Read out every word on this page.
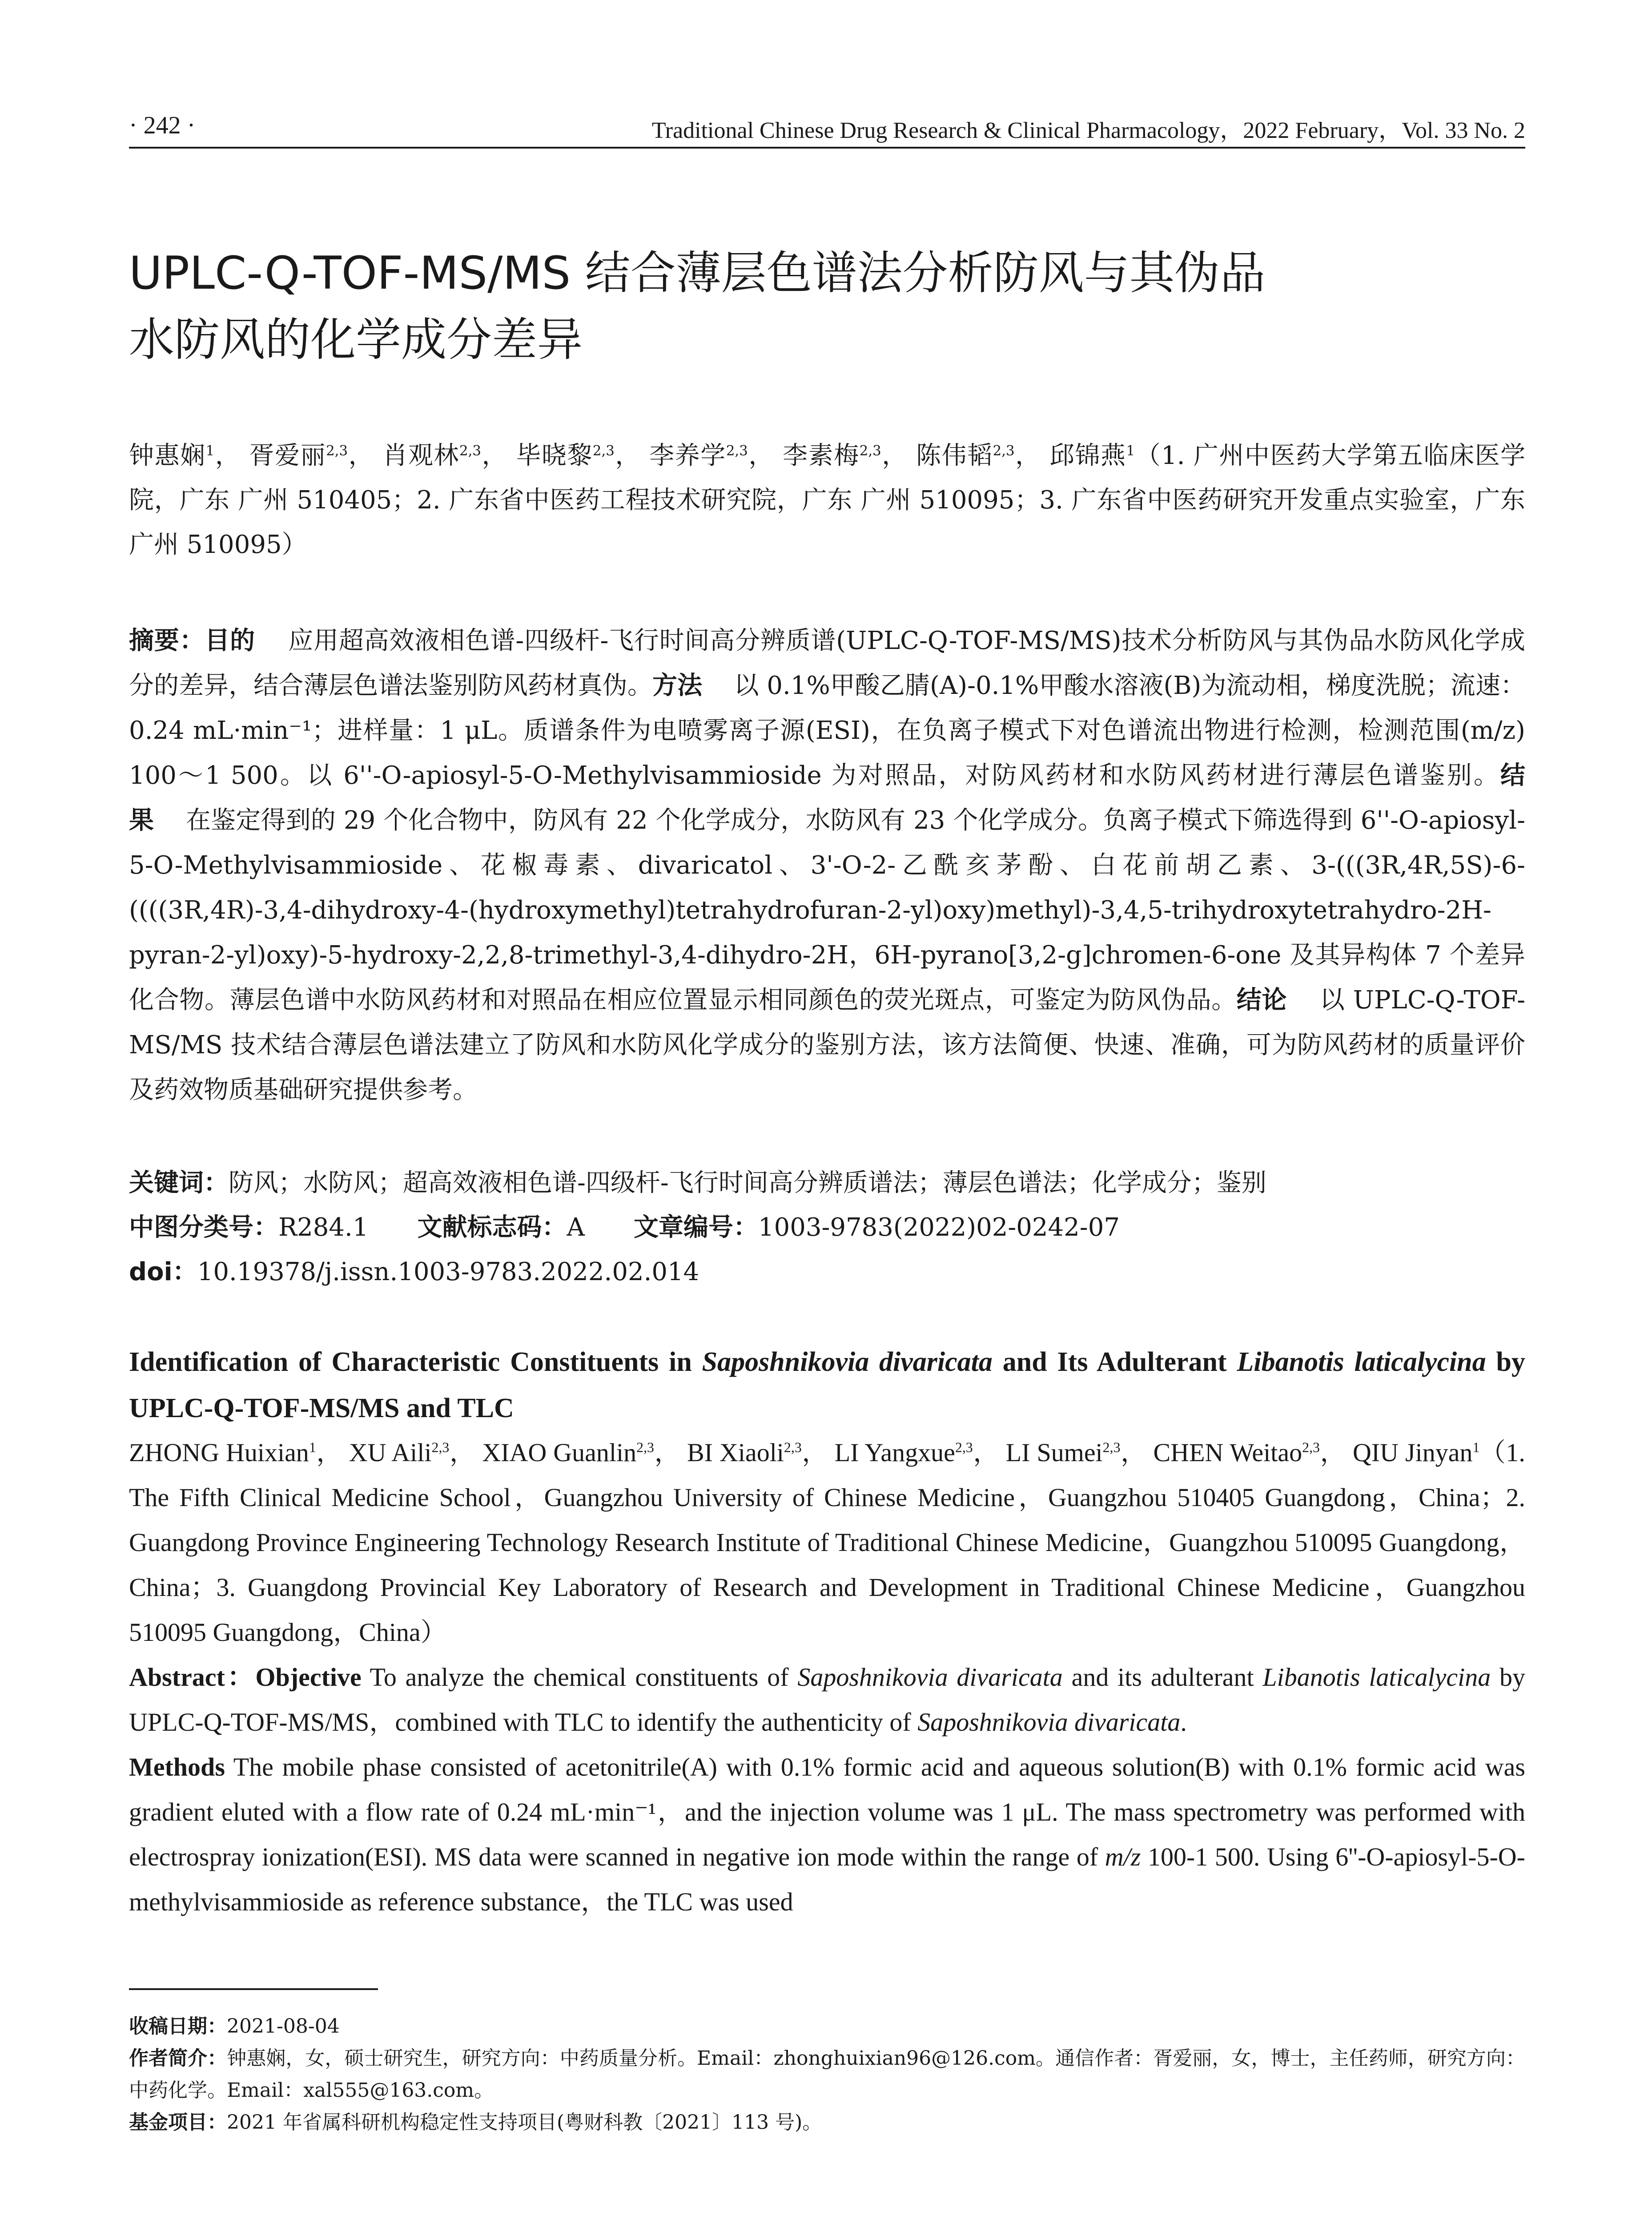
· 242 ·	Traditional Chinese Drug Research & Clinical Pharmacology，2022 February，Vol. 33 No. 2
UPLC-Q-TOF-MS/MS 结合薄层色谱法分析防风与其伪品
水防风的化学成分差异
钟惠娴$^1$， 胥爱丽$^{2,3}$， 肖观林$^{2,3}$， 毕晓黎$^{2,3}$， 李养学$^{2,3}$， 李素梅$^{2,3}$， 陈伟韬$^{2,3}$， 邱锦燕$^1$（1. 广州中医药大学第五临床医学院，广东 广州 510405；2. 广东省中医药工程技术研究院，广东 广州 510095；3. 广东省中医药研究开发重点实验室，广东 广州 510095）
摘要：目的 应用超高效液相色谱-四级杆-飞行时间高分辨质谱(UPLC-Q-TOF-MS/MS)技术分析防风与其伪品水防风化学成分的差异，结合薄层色谱法鉴别防风药材真伪。方法 以 0.1%甲酸乙腈(A)-0.1%甲酸水溶液(B)为流动相，梯度洗脱；流速：0.24 mL·min⁻¹；进样量：1 μL。质谱条件为电喷雾离子源(ESI)，在负离子模式下对色谱流出物进行检测，检测范围(m/z) 100～1 500。以 6''-O-apiosyl-5-O-Methylvisammioside 为对照品，对防风药材和水防风药材进行薄层色谱鉴别。结果 在鉴定得到的 29 个化合物中，防风有 22 个化学成分，水防风有 23 个化学成分。负离子模式下筛选得到 6''-O-apiosyl-5-O-Methylvisammioside、花椒毒素、divaricatol、3'-O-2-乙酰亥茅酚、白花前胡乙素、3-(((3R,4R,5S)-6-((((3R,4R)-3,4-dihydroxy-4-(hydroxymethyl)tetrahydrofuran-2-yl)oxy)methyl)-3,4,5-trihydroxytetrahydro-2H-pyran-2-yl)oxy)-5-hydroxy-2,2,8-trimethyl-3,4-dihydro-2H，6H-pyrano[3,2-g]chromen-6-one 及其异构体 7 个差异化合物。薄层色谱中水防风药材和对照品在相应位置显示相同颜色的荧光斑点，可鉴定为防风伪品。结论 以 UPLC-Q-TOF-MS/MS 技术结合薄层色谱法建立了防风和水防风化学成分的鉴别方法，该方法简便、快速、准确，可为防风药材的质量评价及药效物质基础研究提供参考。
关键词：防风；水防风；超高效液相色谱-四级杆-飞行时间高分辨质谱法；薄层色谱法；化学成分；鉴别
中图分类号：R284.1 文献标志码：A 文章编号：1003-9783(2022)02-0242-07
doi：10.19378/j.issn.1003-9783.2022.02.014
Identification of Characteristic Constituents in Saposhnikovia divaricata and Its Adulterant Libanotis laticalycina by UPLC-Q-TOF-MS/MS and TLC
ZHONG Huixian$^1$， XU Aili$^{2,3}$， XIAO Guanlin$^{2,3}$， BI Xiaoli$^{2,3}$， LI Yangxue$^{2,3}$， LI Sumei$^{2,3}$， CHEN Weitao$^{2,3}$， QIU Jinyan$^1$（1. The Fifth Clinical Medicine School，Guangzhou University of Chinese Medicine，Guangzhou 510405 Guangdong，China；2. Guangdong Province Engineering Technology Research Institute of Traditional Chinese Medicine，Guangzhou 510095 Guangdong，China；3. Guangdong Provincial Key Laboratory of Research and Development in Traditional Chinese Medicine，Guangzhou 510095 Guangdong，China）
Abstract：Objective To analyze the chemical constituents of Saposhnikovia divaricata and its adulterant Libanotis laticalycina by UPLC-Q-TOF-MS/MS，combined with TLC to identify the authenticity of Saposhnikovia divaricata.
Methods The mobile phase consisted of acetonitrile(A) with 0.1% formic acid and aqueous solution(B) with 0.1% formic acid was gradient eluted with a flow rate of 0.24 mL·min⁻¹，and the injection volume was 1 μL. The mass spectrometry was performed with electrospray ionization(ESI). MS data were scanned in negative ion mode within the range of m/z 100-1 500. Using 6''-O-apiosyl-5-O-methylvisammioside as reference substance，the TLC was used
收稿日期：2021-08-04
作者简介：钟惠娴，女，硕士研究生，研究方向：中药质量分析。Email：zhonghuixian96@126.com。通信作者：胥爱丽，女，博士，主任药师，研究方向：中药化学。Email：xal555@163.com。
基金项目：2021 年省属科研机构稳定性支持项目(粤财科教〔2021〕113 号)。
